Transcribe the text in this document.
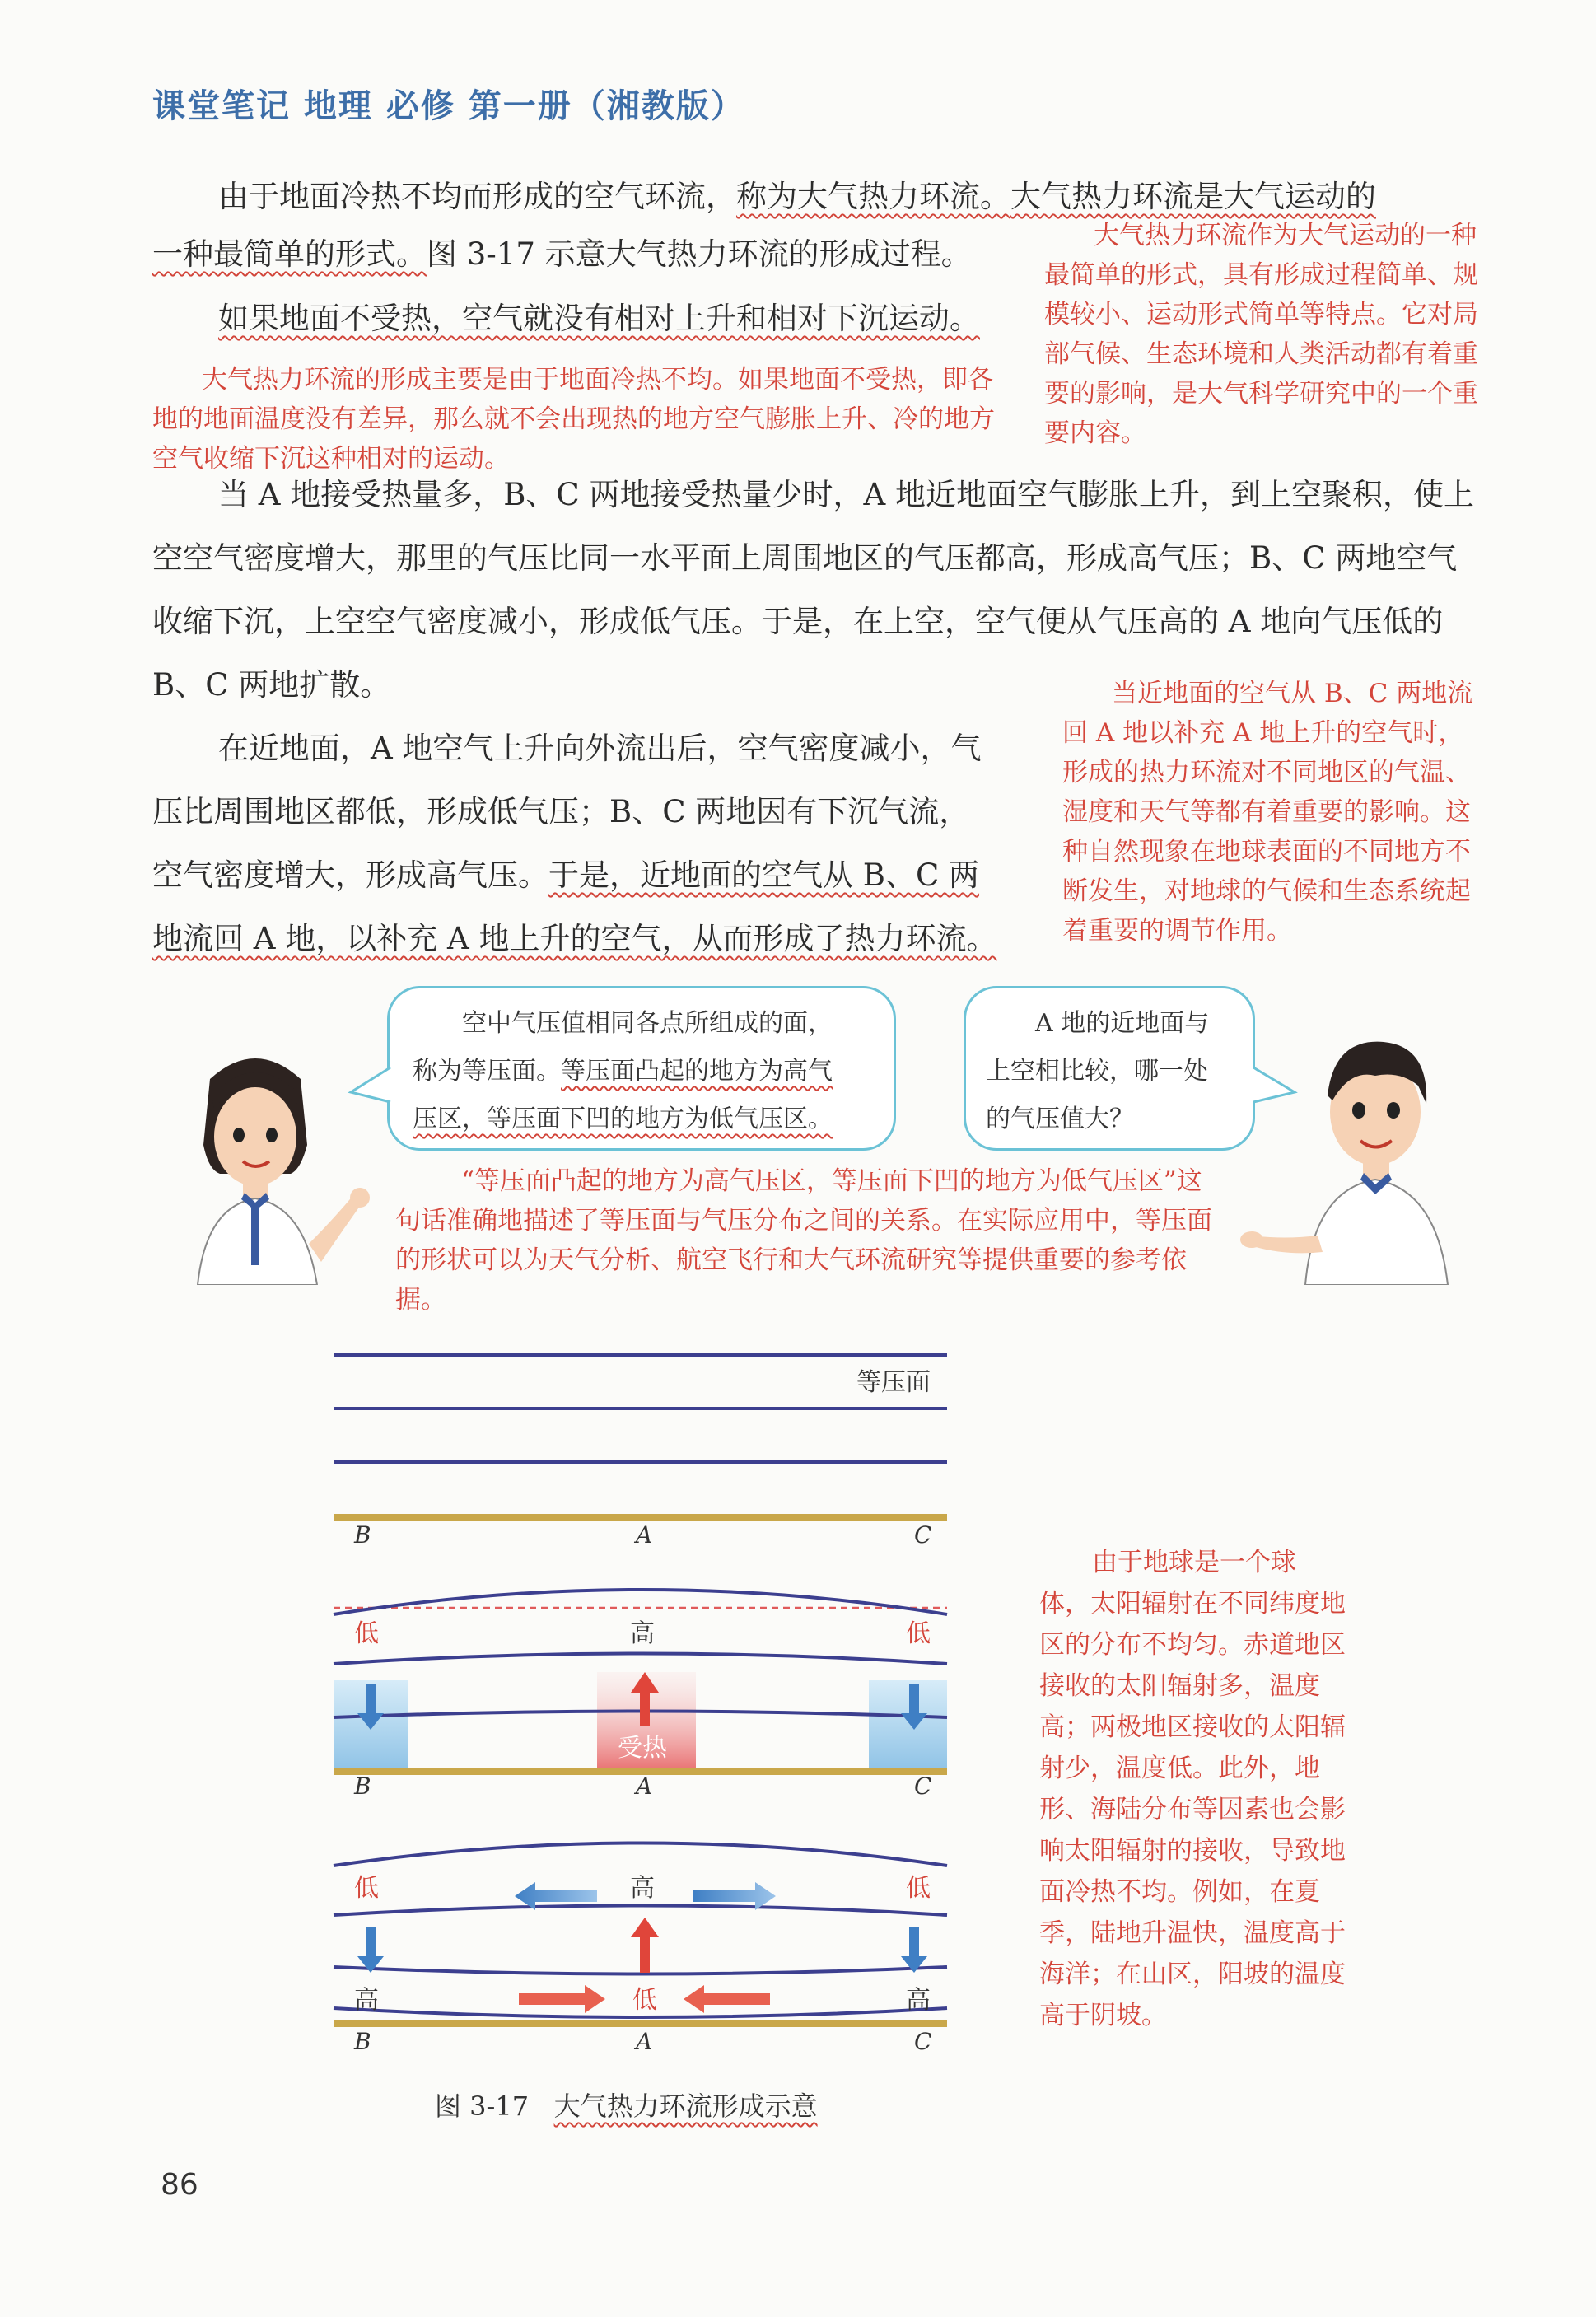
课堂笔记 地理 必修 第一册（湘教版）

由于地面冷热不均而形成的空气环流，称为大气热力环流。大气热力环流是大气运动的

一种最简单的形式。图 3-17 示意大气热力环流的形成过程。

如果地面不受热，空气就没有相对上升和相对下沉运动。

大气热力环流的形成主要是由于地面冷热不均。如果地面不受热，即各地的地面温度没有差异，那么就不会出现热的地方空气膨胀上升、冷的地方空气收缩下沉这种相对的运动。
大气热力环流作为大气运动的一种最简单的形式，具有形成过程简单、规模较小、运动形式简单等特点。它对局部气候、生态环境和人类活动都有着重要的影响，是大气科学研究中的一个重要内容。

当 A 地接受热量多，B、C 两地接受热量少时，A 地近地面空气膨胀上升，到上空聚积，使上空空气密度增大，那里的气压比同一水平面上周围地区的气压都高，形成高气压；B、C 两地空气收缩下沉，上空空气密度减小，形成低气压。于是，在上空，空气便从气压高的 A 地向气压低的 B、C 两地扩散。

在近地面，A 地空气上升向外流出后，空气密度减小，气
压比周围地区都低，形成低气压；B、C 两地因有下沉气流，
空气密度增大，形成高气压。于是，近地面的空气从 B、C 两
地流回 A 地，以补充 A 地上升的空气，从而形成了热力环流。
当近地面的空气从 B、C 两地流回 A 地以补充 A 地上升的空气时，形成的热力环流对不同地区的气温、湿度和天气等都有着重要的影响。这种自然现象在地球表面的不同地方不断发生，对地球的气候和生态系统起着重要的调节作用。
空中气压值相同各点所组成的面，
称为等压面。等压面凸起的地方为高气
压区，等压面下凹的地方为低气压区。
A 地的近地面与
上空相比较，哪一处
的气压值大？
“等压面凸起的地方为高气压区，等压面下凹的地方为低气压区”这句话准确地描述了等压面与气压分布之间的关系。在实际应用中，等压面的形状可以为天气分析、航空飞行和大气环流研究等提供重要的参考依据。
等压面
B	A	C
低	高	低
受热
B	A	C
低	高	低
高	低	高
B	A	C
图 3-17 大气热力环流形成示意
由于地球是一个球体，太阳辐射在不同纬度地区的分布不均匀。赤道地区接收的太阳辐射多，温度高；两极地区接收的太阳辐射少，温度低。此外，地形、海陆分布等因素也会影响太阳辐射的接收，导致地面冷热不均。例如，在夏季，陆地升温快，温度高于海洋；在山区，阳坡的温度高于阴坡。
86
